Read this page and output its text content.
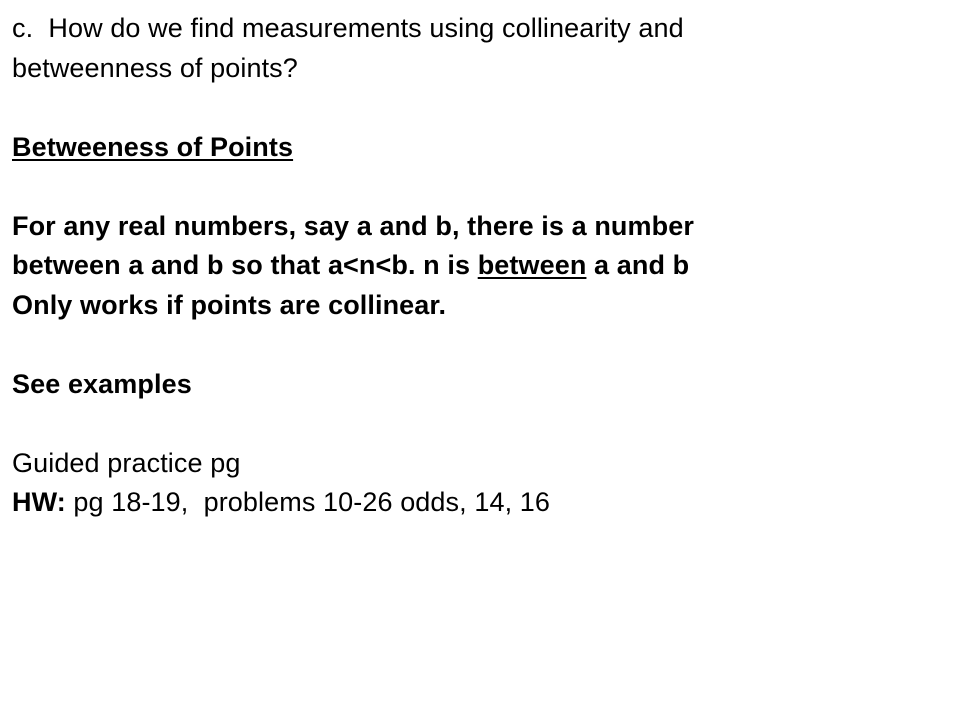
c.  How do we find measurements using collinearity and
betweenness of points?
Betweeness of Points
For any real numbers, say a and b, there is a number
between a and b so that a<n<b. n is between a and b
Only works if points are collinear.
See examples
Guided practice pg
HW: pg 18-19,  problems 10-26 odds, 14, 16
